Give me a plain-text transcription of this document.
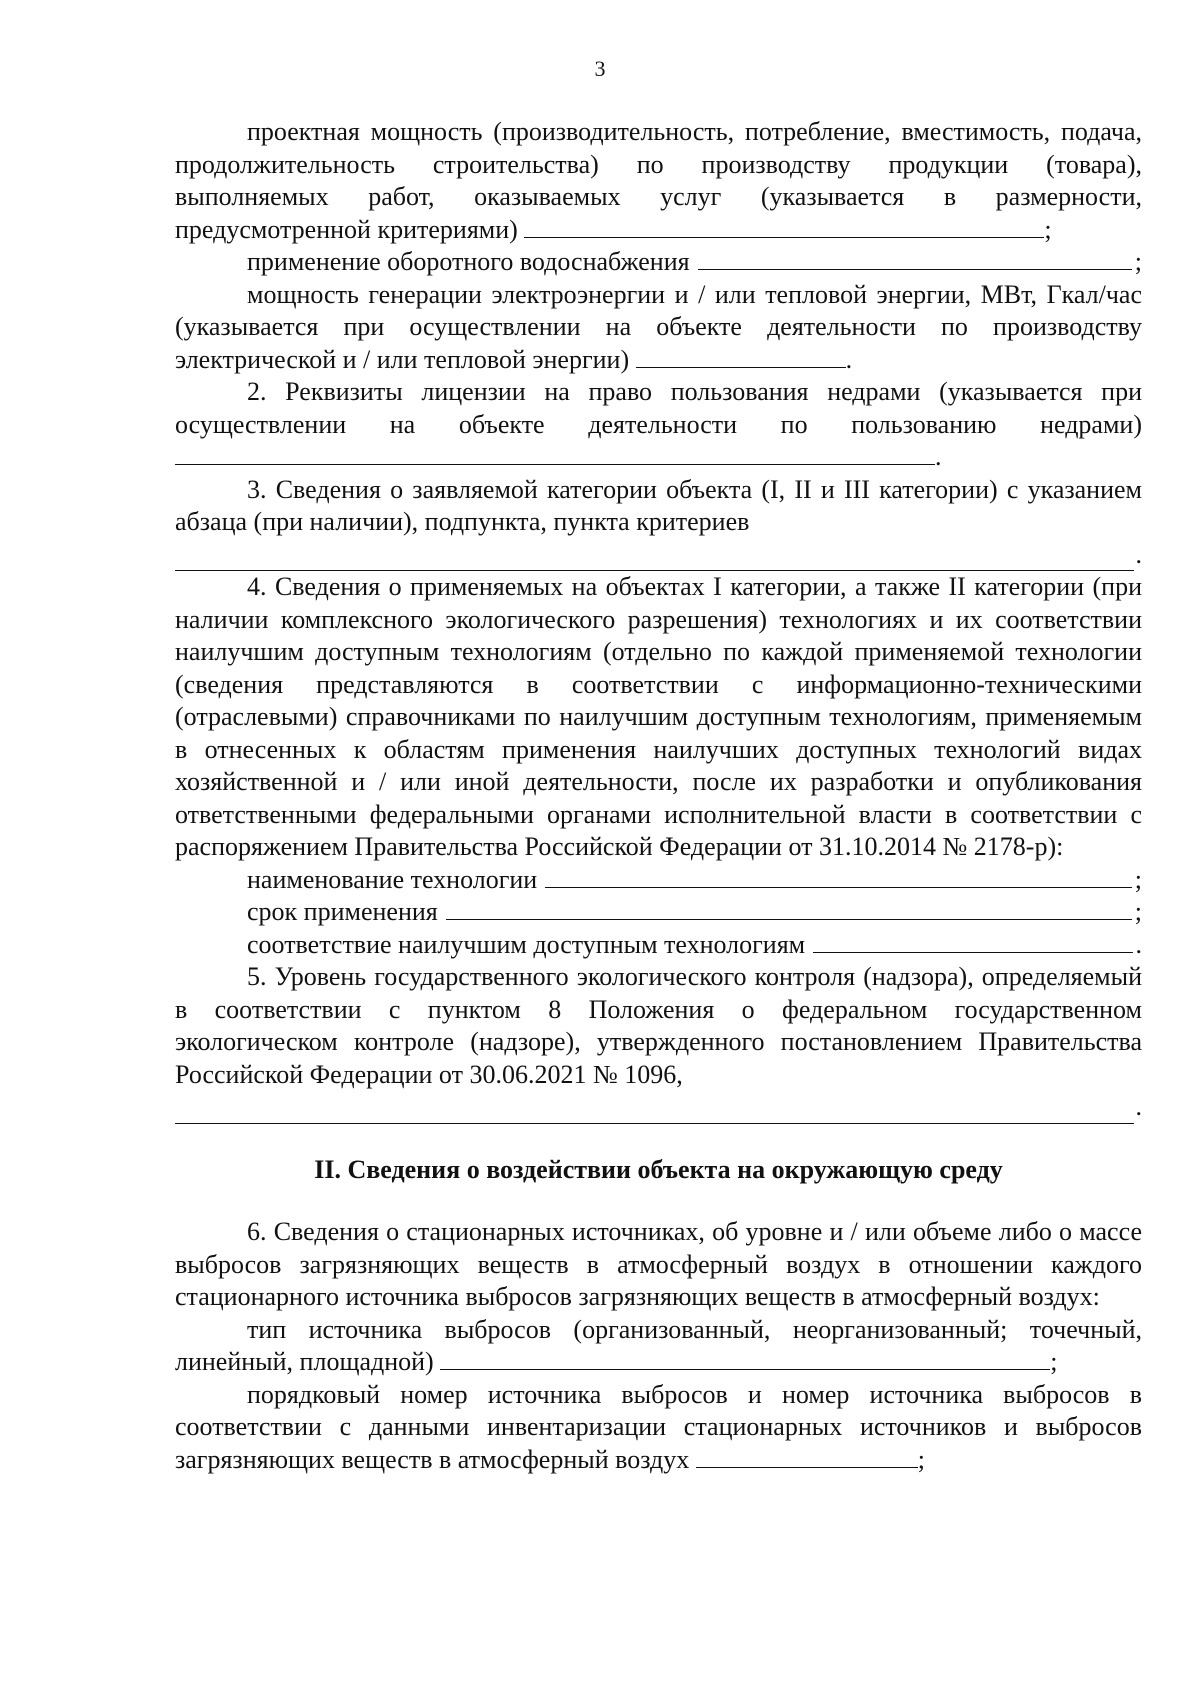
3

проектная мощность (производительность, потребление, вместимость, подача, продолжительность строительства) по производству продукции (товара), выполняемых работ, оказываемых услуг (указывается в размерности, предусмотренной критериями)	;

применение оборотного водоснабжения	;

мощность генерации электроэнергии и / или тепловой энергии, МВт, Гкал/час (указывается при осуществлении на объекте деятельности по производству электрической и / или тепловой энергии)	.

2. Реквизиты лицензии на право пользования недрами (указывается при осуществлении на объекте деятельности по пользованию недрами) .

3. Сведения о заявляемой категории объекта (I, II и III категории) с указанием абзаца (при наличии), подпункта, пункта критериев

.

4. Сведения о применяемых на объектах I категории, а также II категории (при наличии комплексного экологического разрешения) технологиях и их соответствии наилучшим доступным технологиям (отдельно по каждой применяемой технологии (сведения представляются в соответствии с информационно-техническими (отраслевыми) справочниками по наилучшим доступным технологиям, применяемым в отнесенных к областям применения наилучших доступных технологий видах хозяйственной и / или иной деятельности, после их разработки и опубликования ответственными федеральными органами исполнительной власти в соответствии с распоряжением Правительства Российской Федерации от 31.10.2014 № 2178-р):

наименование технологии	;
срок применения	;
соответствие наилучшим доступным технологиям	.

5. Уровень государственного экологического контроля (надзора), определяемый в соответствии с пунктом 8 Положения о федеральном государственном экологическом контроле (надзоре), утвержденного постановлением Правительства Российской Федерации от 30.06.2021 № 1096,

.
II. Сведения о воздействии объекта на окружающую среду

6. Сведения о стационарных источниках, об уровне и / или объеме либо о массе выбросов загрязняющих веществ в атмосферный воздух в отношении каждого стационарного источника выбросов загрязняющих веществ в атмосферный воздух:

тип источника выбросов (организованный, неорганизованный; точечный, линейный, площадной)	;

порядковый номер источника выбросов и номер источника выбросов в соответствии с данными инвентаризации стационарных источников и выбросов загрязняющих веществ в атмосферный воздух	;
